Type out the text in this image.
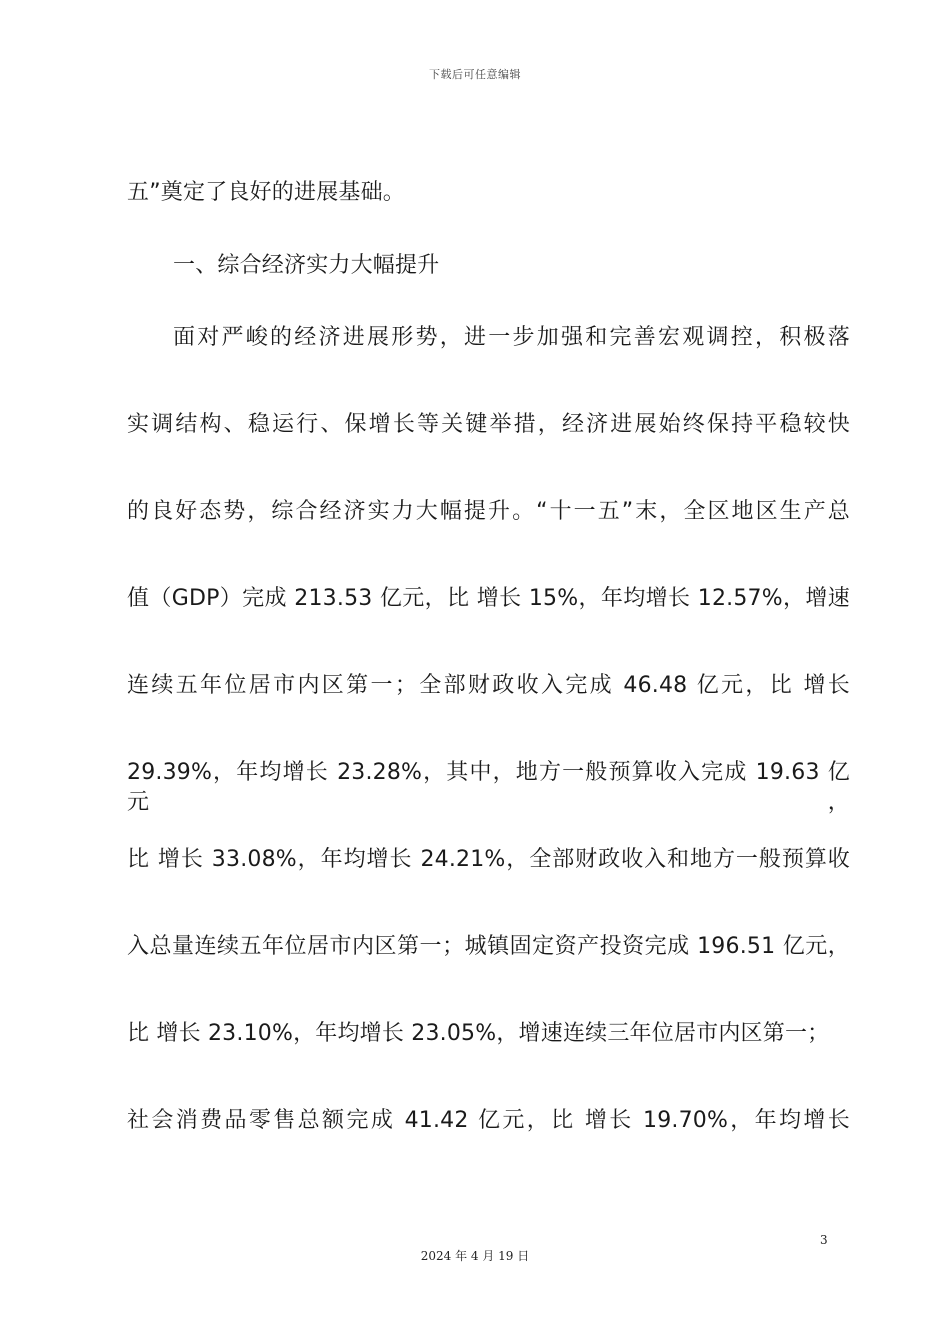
下载后可任意编辑
五”奠定了良好的进展基础。
一、综合经济实力大幅提升
面对严峻的经济进展形势，进一步加强和完善宏观调控，积极落
实调结构、稳运行、保增长等关键举措，经济进展始终保持平稳较快
的良好态势，综合经济实力大幅提升。“十一五”末，全区地区生产总
值（GDP）完成 213.53 亿元，比 增长 15%，年均增长 12.57%，增速
连续五年位居市内区第一；全部财政收入完成 46.48 亿元，比 增长
29.39%，年均增长 23.28%，其中，地方一般预算收入完成 19.63 亿元，
比 增长 33.08%，年均增长 24.21%，全部财政收入和地方一般预算收
入总量连续五年位居市内区第一；城镇固定资产投资完成 196.51 亿元，
比 增长 23.10%，年均增长 23.05%，增速连续三年位居市内区第一；
社会消费品零售总额完成 41.42 亿元，比 增长 19.70%，年均增长
3
2024 年 4 月 19 日
